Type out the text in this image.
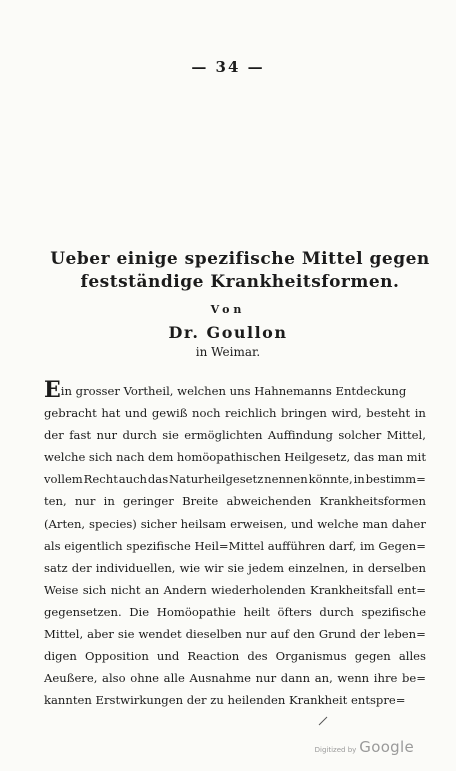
— 34 —
Ueber einige spezifische Mittel gegen
festständige Krankheitsformen.
Von
Dr. Goullon
in Weimar.
Ein grosser Vortheil, welchen uns Hahnemanns Entdeckung
gebracht hat und gewiß noch reichlich bringen wird, besteht in
der fast nur durch sie ermöglichten Auffindung solcher Mittel,
welche sich nach dem homöopathischen Heilgesetz, das man mit
vollem Recht auch das Naturheilgesetz nennen könnte, in bestimm=
ten, nur in geringer Breite abweichenden Krankheitsformen
(Arten, species) sicher heilsam erweisen, und welche man daher
als eigentlich spezifische Heil=Mittel aufführen darf, im Gegen=
satz der individuellen, wie wir sie jedem einzelnen, in derselben
Weise sich nicht an Andern wiederholenden Krankheitsfall ent=
gegensetzen. Die Homöopathie heilt öfters durch spezifische
Mittel, aber sie wendet dieselben nur auf den Grund der leben=
digen Opposition und Reaction des Organismus gegen alles
Aeußere, also ohne alle Ausnahme nur dann an, wenn ihre be=
kannten Erstwirkungen der zu heilenden Krankheit entspre=
Digitized by Google
